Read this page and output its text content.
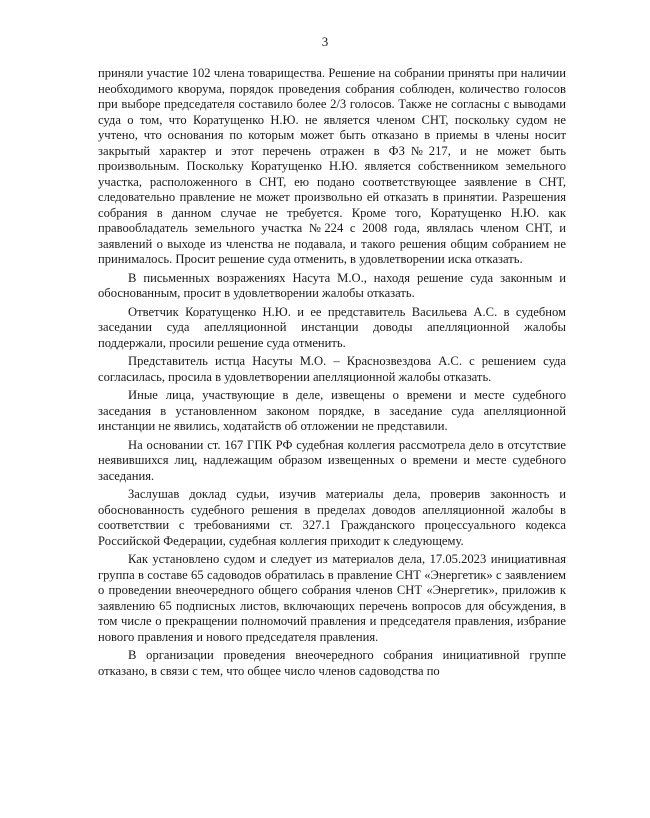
3

приняли участие 102 члена товарищества. Решение на собрании приняты при наличии необходимого кворума, порядок проведения собрания соблюден, количество голосов при выборе председателя составило более 2/3 голосов. Также не согласны с выводами суда о том, что Коратущенко Н.Ю. не является членом СНТ, поскольку судом не учтено, что основания по которым может быть отказано в приемы в члены носит закрытый характер и этот перечень отражен в ФЗ№217, и не может быть произвольным. Поскольку Коратущенко Н.Ю. является собственником земельного участка, расположенного в СНТ, ею подано соответствующее заявление в СНТ, следовательно правление не может произвольно ей отказать в принятии. Разрешения собрания в данном случае не требуется. Кроме того, Коратущенко Н.Ю. как правообладатель земельного участка №224 с 2008 года, являлась членом СНТ, и заявлений о выходе из членства не подавала, и такого решения общим собранием не принималось. Просит решение суда отменить, в удовлетворении иска отказать.

В письменных возражениях Насута М.О., находя решение суда законным и обоснованным, просит в удовлетворении жалобы отказать.

Ответчик Коратущенко Н.Ю. и ее представитель Васильева А.С. в судебном заседании суда апелляционной инстанции доводы апелляционной жалобы поддержали, просили решение суда отменить.

Представитель истца Насуты М.О. – Краснозвездова А.С. с решением суда согласилась, просила в удовлетворении апелляционной жалобы отказать.

Иные лица, участвующие в деле, извещены о времени и месте судебного заседания в установленном законом порядке, в заседание суда апелляционной инстанции не явились, ходатайств об отложении не представили.

На основании ст. 167 ГПК РФ судебная коллегия рассмотрела дело в отсутствие неявившихся лиц, надлежащим образом извещенных о времени и месте судебного заседания.

Заслушав доклад судьи, изучив материалы дела, проверив законность и обоснованность судебного решения в пределах доводов апелляционной жалобы в соответствии с требованиями ст. 327.1 Гражданского процессуального кодекса Российской Федерации, судебная коллегия приходит к следующему.

Как установлено судом и следует из материалов дела, 17.05.2023 инициативная группа в составе 65 садоводов обратилась в правление СНТ «Энергетик» с заявлением о проведении внеочередного общего собрания членов СНТ «Энергетик», приложив к заявлению 65 подписных листов, включающих перечень вопросов для обсуждения, в том числе о прекращении полномочий правления и председателя правления, избрание нового правления и нового председателя правления.

В организации проведения внеочередного собрания инициативной группе отказано, в связи с тем, что общее число членов садоводства по
